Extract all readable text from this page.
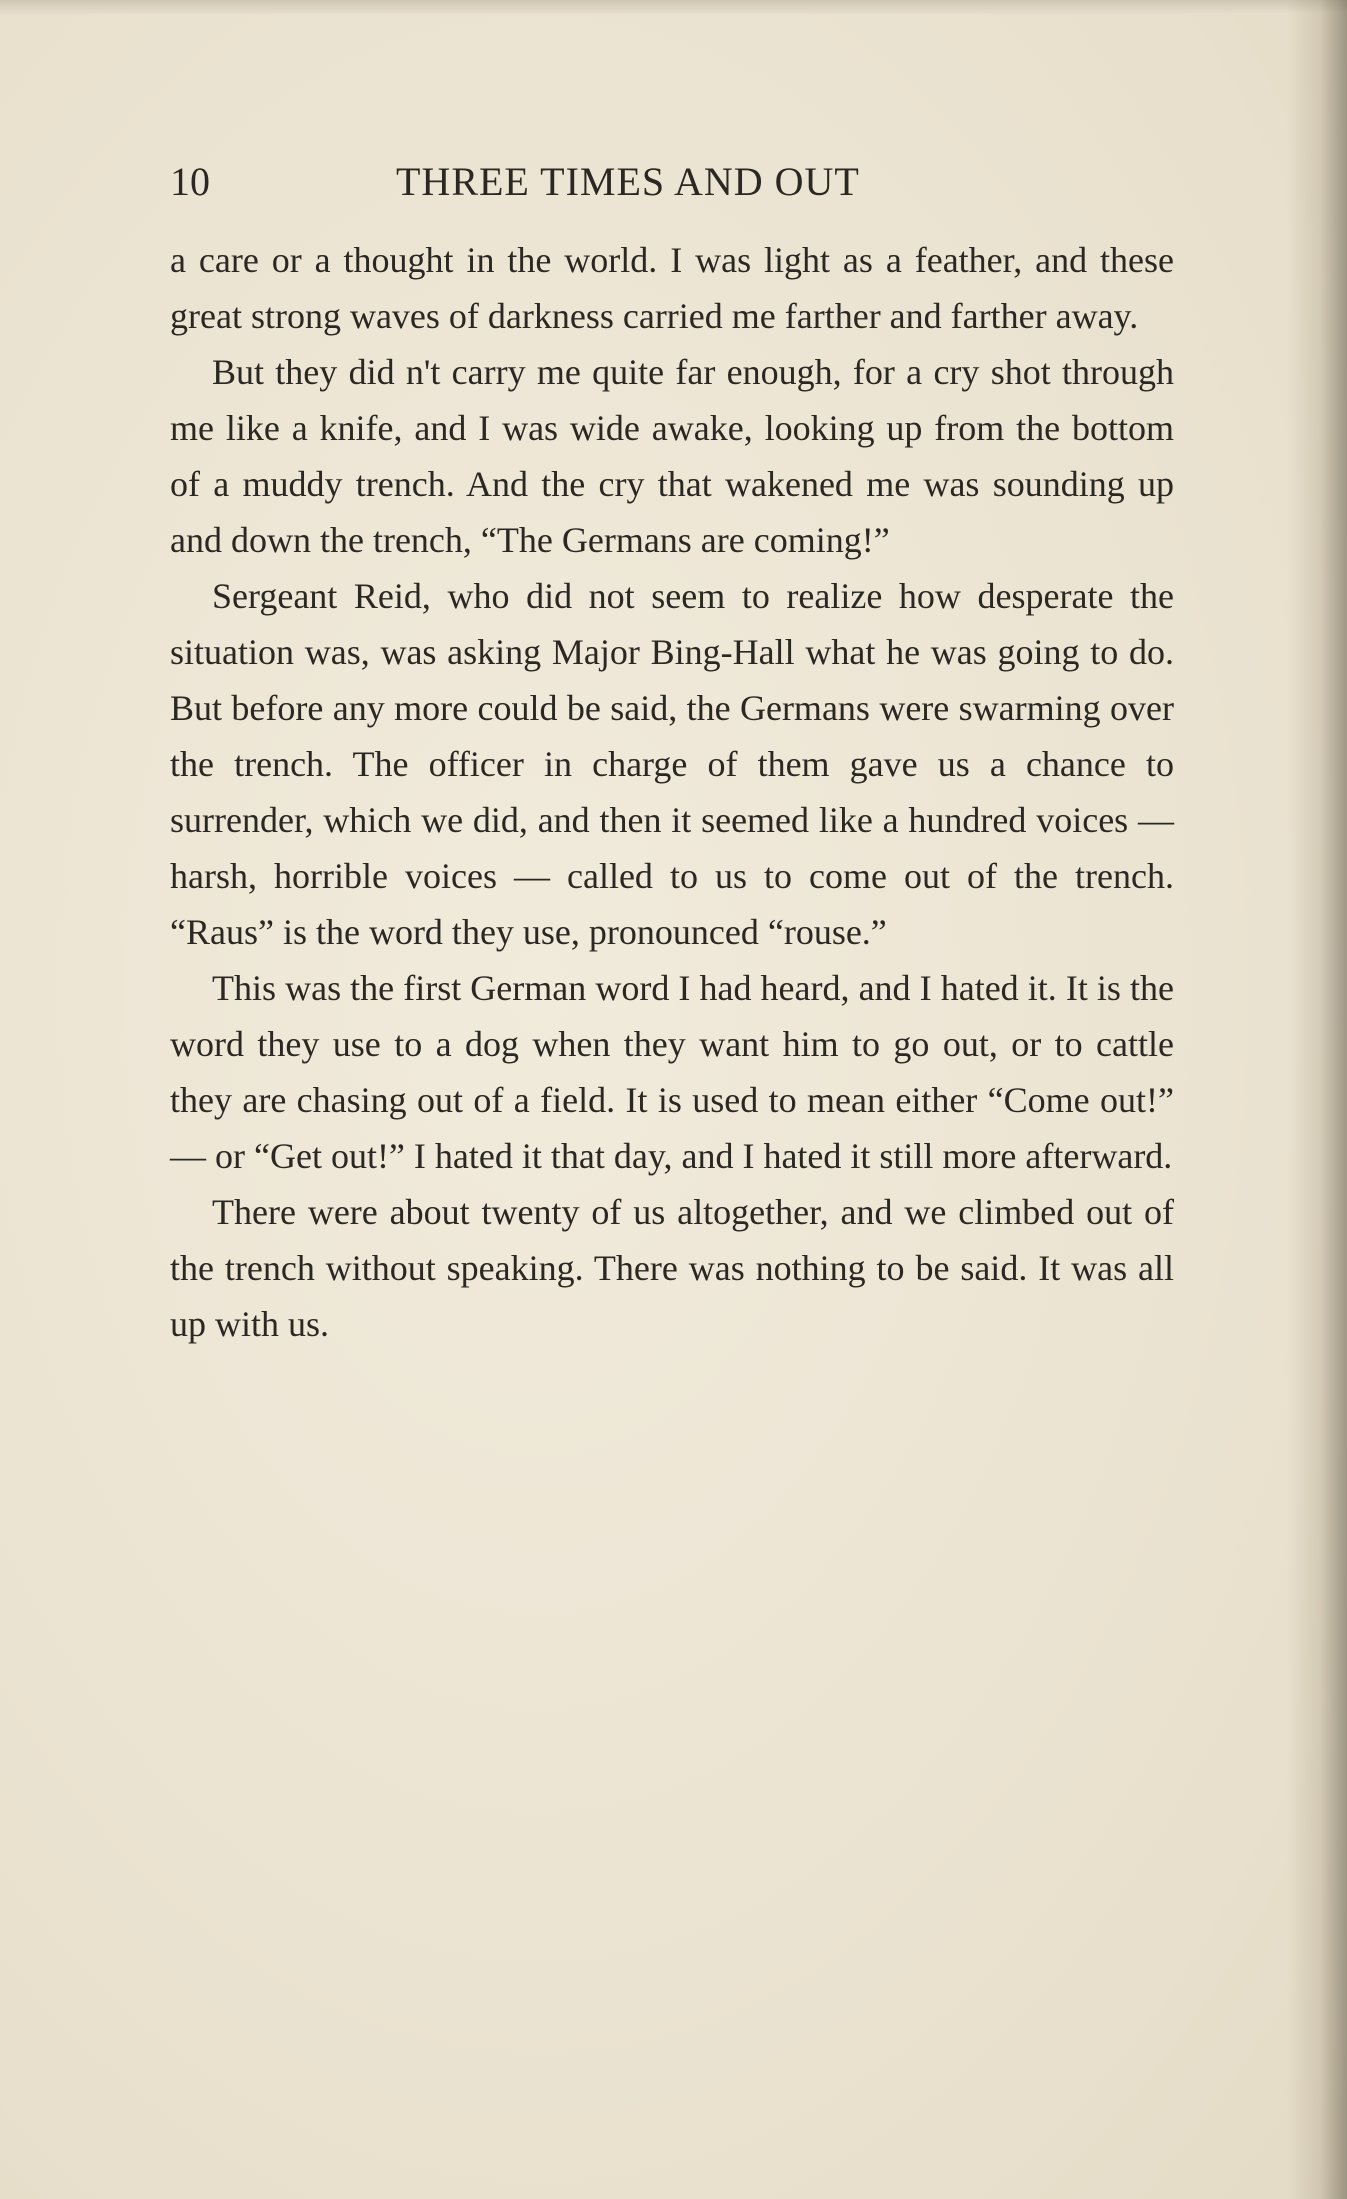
10	THREE TIMES AND OUT

a care or a thought in the world. I was light as a feather, and these great strong waves of darkness carried me farther and farther away.

But they did n't carry me quite far enough, for a cry shot through me like a knife, and I was wide awake, looking up from the bottom of a muddy trench. And the cry that wakened me was sounding up and down the trench, “The Germans are coming!”

Sergeant Reid, who did not seem to realize how desperate the situation was, was asking Major Bing-Hall what he was going to do. But before any more could be said, the Germans were swarming over the trench. The officer in charge of them gave us a chance to surrender, which we did, and then it seemed like a hundred voices — harsh, horrible voices — called to us to come out of the trench. “Raus” is the word they use, pronounced “rouse.”

This was the first German word I had heard, and I hated it. It is the word they use to a dog when they want him to go out, or to cattle they are chasing out of a field. It is used to mean either “Come out!” — or “Get out!” I hated it that day, and I hated it still more afterward.

There were about twenty of us altogether, and we climbed out of the trench without speaking. There was nothing to be said. It was all up with us.
